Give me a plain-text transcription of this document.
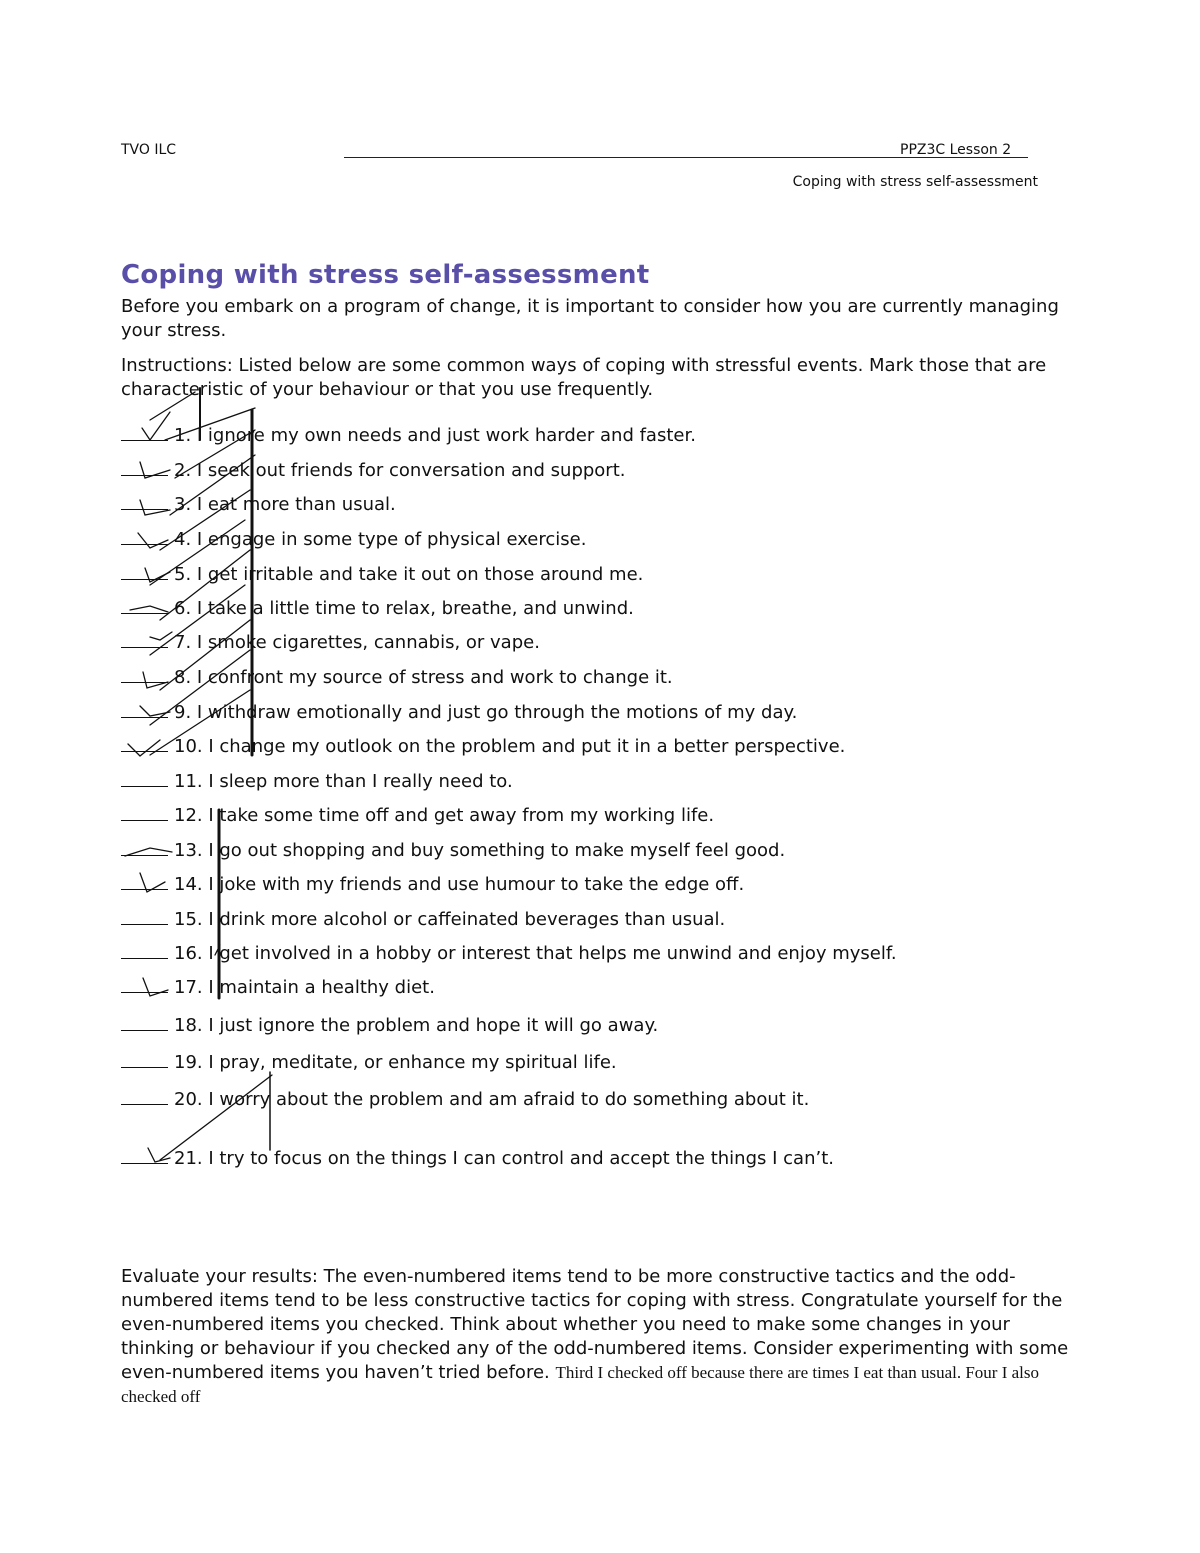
TVO ILC	PPZ3C Lesson 2
Coping with stress self-assessment
Coping with stress self-assessment

Before you embark on a program of change, it is important to consider how you are currently managing your stress.

Instructions: Listed below are some common ways of coping with stressful events. Mark those that are characteristic of your behaviour or that you use frequently.

1. I ignore my own needs and just work harder and faster.
2. I seek out friends for conversation and support.
3. I eat more than usual.
4. I engage in some type of physical exercise.
5. I get irritable and take it out on those around me.
6. I take a little time to relax, breathe, and unwind.
7. I smoke cigarettes, cannabis, or vape.
8. I confront my source of stress and work to change it.
9. I withdraw emotionally and just go through the motions of my day.
10. I change my outlook on the problem and put it in a better perspective.
11. I sleep more than I really need to.
12. I take some time off and get away from my working life.
13. I go out shopping and buy something to make myself feel good.
14. I joke with my friends and use humour to take the edge off.
15. I drink more alcohol or caffeinated beverages than usual.
16. I get involved in a hobby or interest that helps me unwind and enjoy myself.
17. I maintain a healthy diet.
18. I just ignore the problem and hope it will go away.
19. I pray, meditate, or enhance my spiritual life.
20. I worry about the problem and am afraid to do something about it.
21. I try to focus on the things I can control and accept the things I can’t.

Evaluate your results: The even-numbered items tend to be more constructive tactics and the odd-numbered items tend to be less constructive tactics for coping with stress. Congratulate yourself for the even-numbered items you checked. Think about whether you need to make some changes in your thinking or behaviour if you checked any of the odd-numbered items. Consider experimenting with some even-numbered items you haven’t tried before. Third I checked off because there are times I eat than usual. Four I also checked off
